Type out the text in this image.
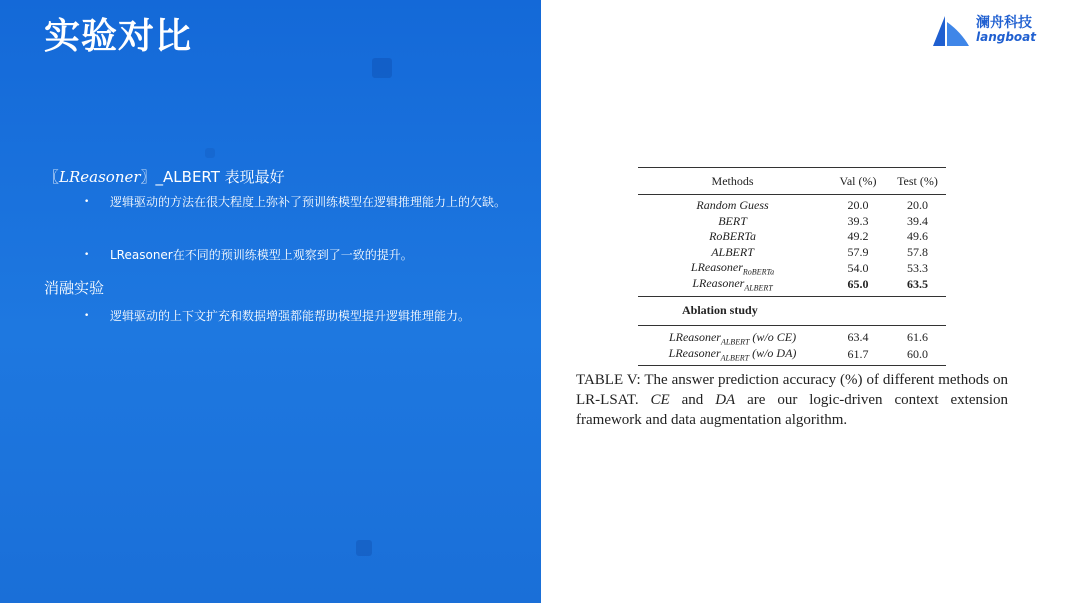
实验对比
〖LReasoner〗_ALBERT 表现最好
• 逻辑驱动的方法在很大程度上弥补了预训练模型在逻辑推理能力上的欠缺。
• LReasoner在不同的预训练模型上观察到了一致的提升。
消融实验
• 逻辑驱动的上下文扩充和数据增强都能帮助模型提升逻辑推理能力。
澜舟科技
langboat
Methods	Val (%)	Test (%)
Random Guess	20.0	20.0
BERT	39.3	39.4
RoBERTa	49.2	49.6
ALBERT	57.9	57.8
LReasoner$_{RoBERTa}$	54.0	53.3
LReasoner$_{ALBERT}$	65.0	63.5
Ablation study		
LReasoner$_{ALBERT}$ (w/o CE)	63.4	61.6
LReasoner$_{ALBERT}$ (w/o DA)	61.7	60.0
TABLE V: The answer prediction accuracy (%) of different methods on LR-LSAT. CE and DA are our logic-driven context extension framework and data augmentation algorithm.
